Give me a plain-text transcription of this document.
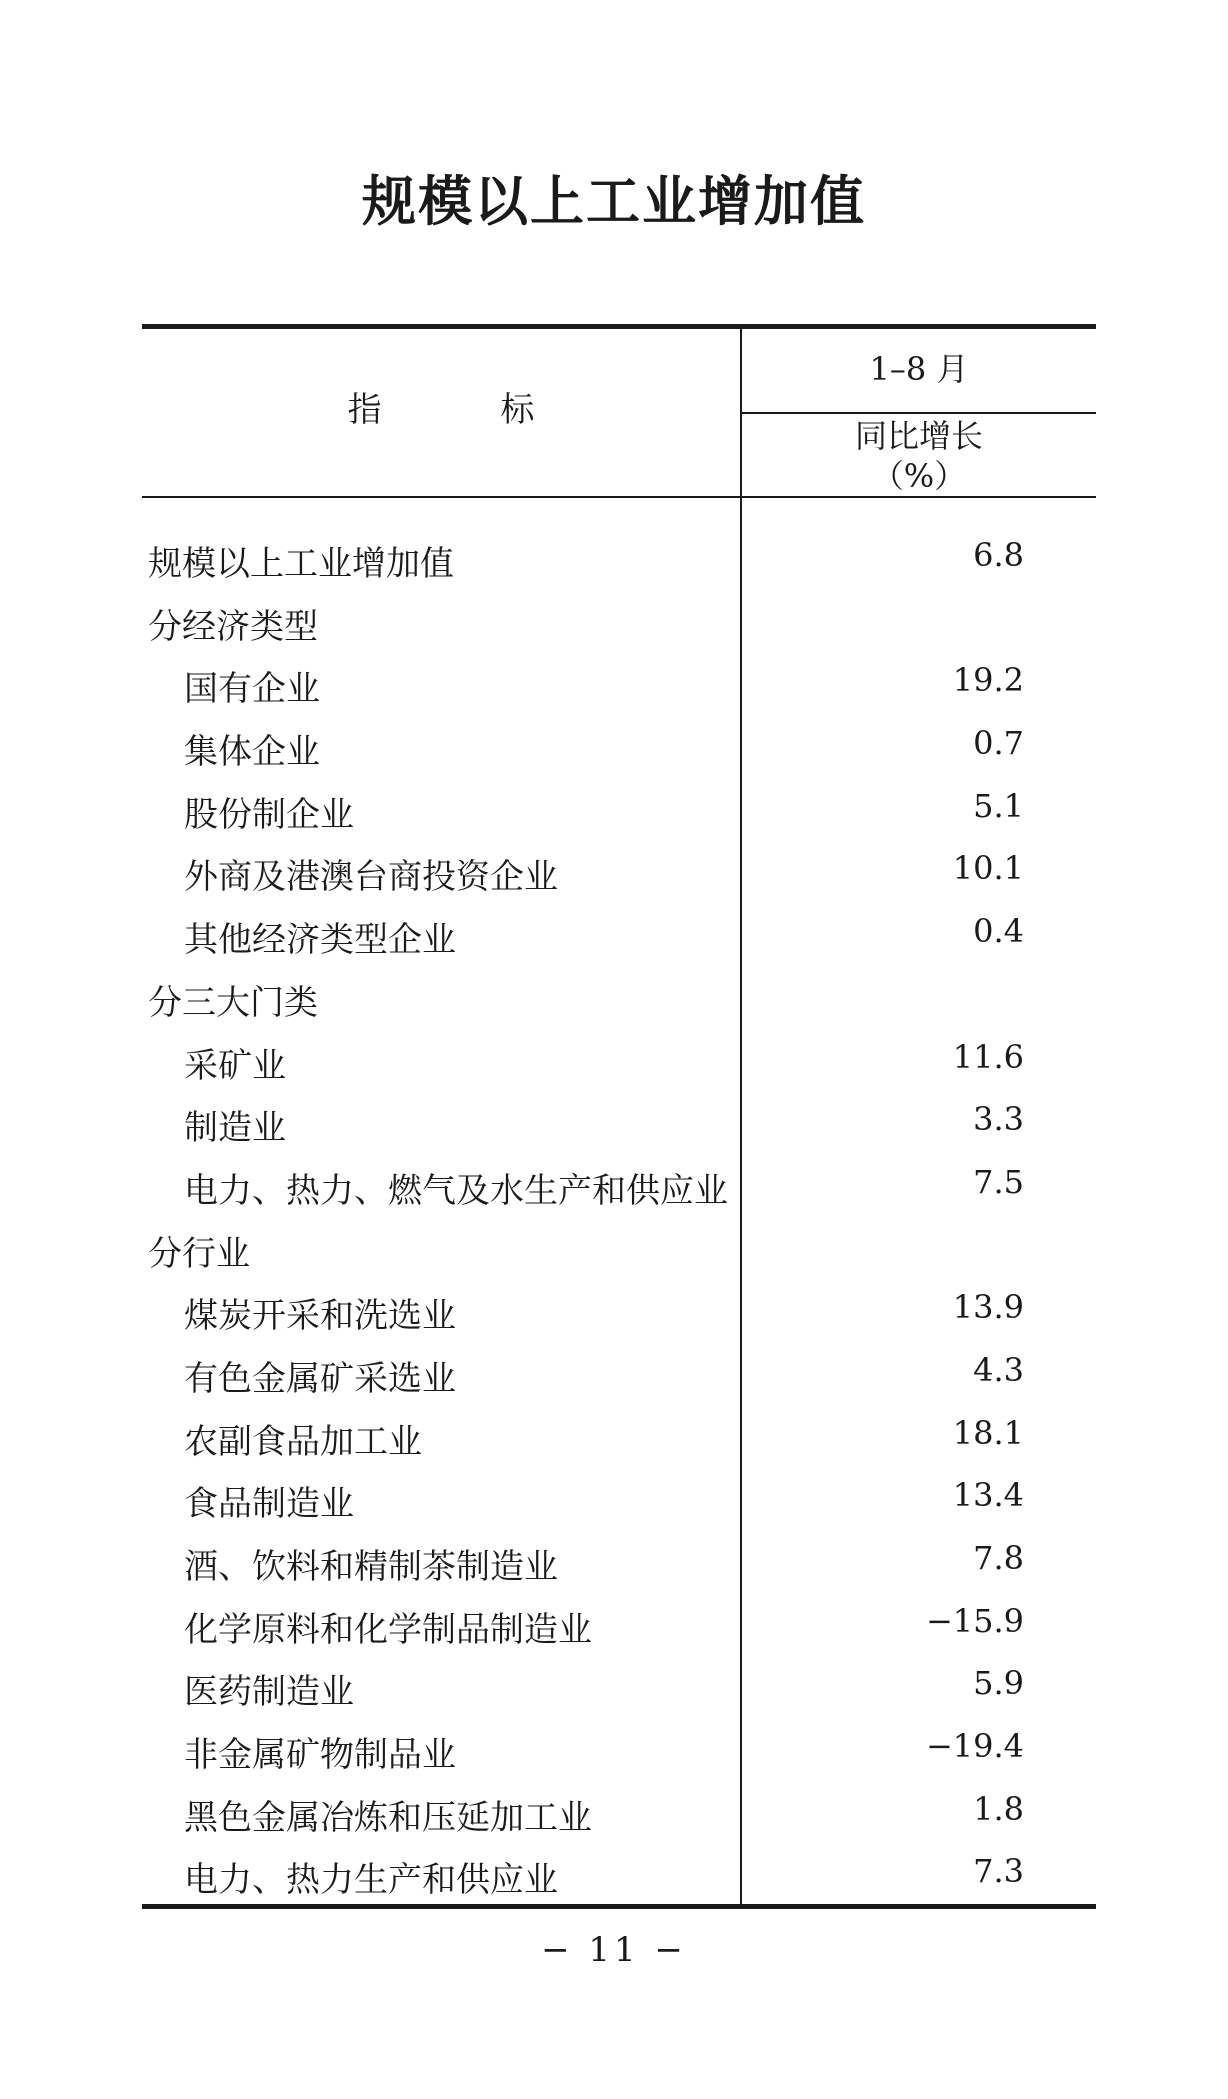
规模以上工业增加值
指 标
1–8 月
同比增长
（%）
规模以上工业增加值	6.8
分经济类型
国有企业	19.2
集体企业	0.7
股份制企业	5.1
外商及港澳台商投资企业	10.1
其他经济类型企业	0.4
分三大门类
采矿业	11.6
制造业	3.3
电力、热力、燃气及水生产和供应业	7.5
分行业
煤炭开采和洗选业	13.9
有色金属矿采选业	4.3
农副食品加工业	18.1
食品制造业	13.4
酒、饮料和精制茶制造业	7.8
化学原料和化学制品制造业	−15.9
医药制造业	5.9
非金属矿物制品业	−19.4
黑色金属冶炼和压延加工业	1.8
电力、热力生产和供应业	7.3
− 11 −
